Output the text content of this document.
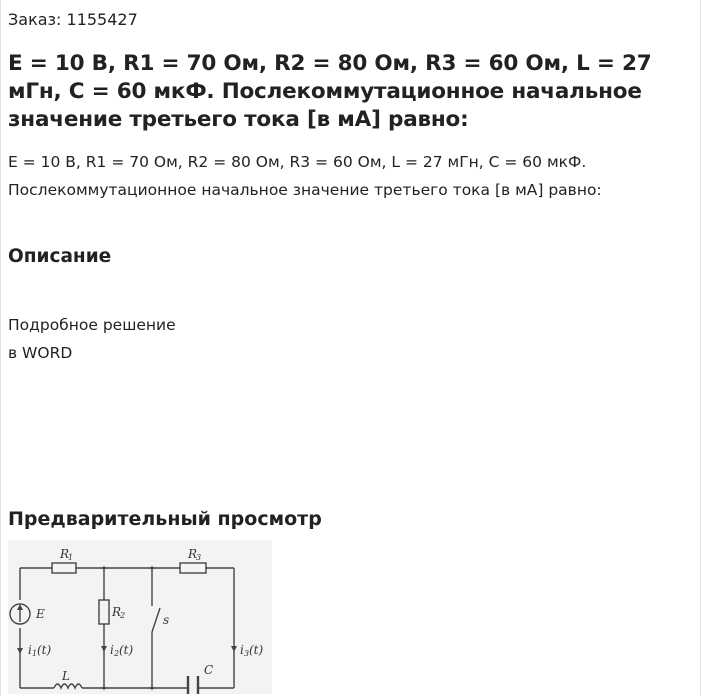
Заказ: 1155427
E = 10 В, R1 = 70 Ом, R2 = 80 Ом, R3 = 60 Ом, L = 27 мГн, C = 60 мкФ. Послекоммутационное начальное значение третьего тока [в мА] равно:
E = 10 В, R1 = 70 Ом, R2 = 80 Ом, R3 = 60 Ом, L = 27 мГн, C = 60 мкФ. Послекоммутационное начальное значение третьего тока [в мА] равно:
Описание
Подробное решение
в WORD
Предварительный просмотр
R
1	R
3
R
2
E	s
i 1 (t)	i 2 (t)	i 3 (t)
L	C
